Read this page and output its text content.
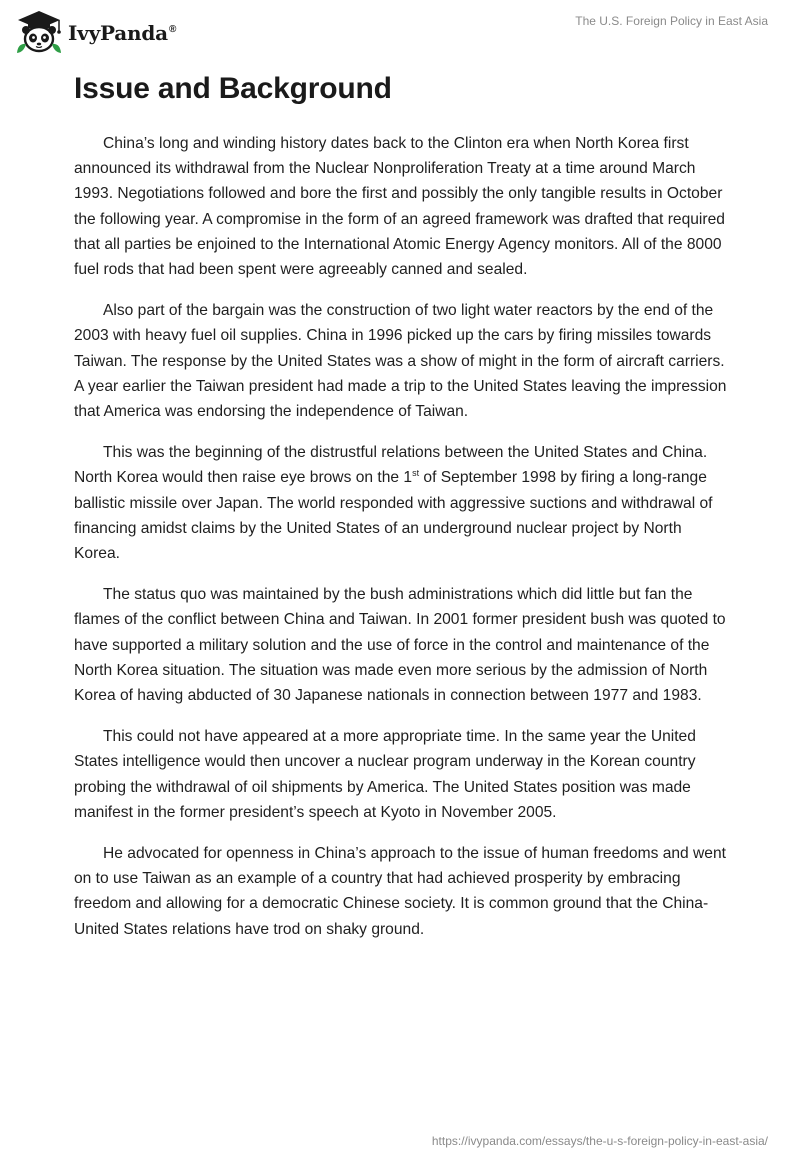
IvyPanda®
The U.S. Foreign Policy in East Asia
Issue and Background

China’s long and winding history dates back to the Clinton era when North Korea first announced its withdrawal from the Nuclear Nonproliferation Treaty at a time around March 1993. Negotiations followed and bore the first and possibly the only tangible results in October the following year. A compromise in the form of an agreed framework was drafted that required that all parties be enjoined to the International Atomic Energy Agency monitors. All of the 8000 fuel rods that had been spent were agreeably canned and sealed.

Also part of the bargain was the construction of two light water reactors by the end of the 2003 with heavy fuel oil supplies. China in 1996 picked up the cars by firing missiles towards Taiwan. The response by the United States was a show of might in the form of aircraft carriers. A year earlier the Taiwan president had made a trip to the United States leaving the impression that America was endorsing the independence of Taiwan.

This was the beginning of the distrustful relations between the United States and China. North Korea would then raise eye brows on the 1st of September 1998 by firing a long-range ballistic missile over Japan. The world responded with aggressive suctions and withdrawal of financing amidst claims by the United States of an underground nuclear project by North Korea.

The status quo was maintained by the bush administrations which did little but fan the flames of the conflict between China and Taiwan. In 2001 former president bush was quoted to have supported a military solution and the use of force in the control and maintenance of the North Korea situation. The situation was made even more serious by the admission of North Korea of having abducted of 30 Japanese nationals in connection between 1977 and 1983.

This could not have appeared at a more appropriate time. In the same year the United States intelligence would then uncover a nuclear program underway in the Korean country probing the withdrawal of oil shipments by America. The United States position was made manifest in the former president’s speech at Kyoto in November 2005.

He advocated for openness in China’s approach to the issue of human freedoms and went on to use Taiwan as an example of a country that had achieved prosperity by embracing freedom and allowing for a democratic Chinese society. It is common ground that the China- United States relations have trod on shaky ground.

https://ivypanda.com/essays/the-u-s-foreign-policy-in-east-asia/
